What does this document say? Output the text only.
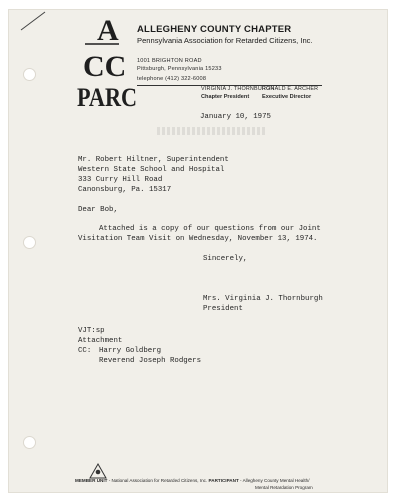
A
CC
PARC
ALLEGHENY COUNTY CHAPTER
Pennsylvania Association for Retarded Citizens, Inc.
1001 BRIGHTON ROAD
Pittsburgh, Pennsylvania 15233
telephone (412) 322-6008
VIRGINIA J. THORNBURGH
Chapter President
RONALD E. ARCHER
Executive Director
January 10, 1975
Mr. Robert Hiltner, Superintendent
Western State School and Hospital
333 Curry Hill Road
Canonsburg, Pa. 15317
Dear Bob,
Attached is a copy of our questions from our Joint
Visitation Team Visit on Wednesday, November 13, 1974.
Sincerely,
Mrs. Virginia J. Thornburgh
President
VJT:sp
Attachment
CC: Harry Goldberg
Reverend Joseph Rodgers
MEMBER UNIT - National Association for Retarded Citizens, Inc. PARTICIPANT - Allegheny County Mental Health/
Mental Retardation Program
